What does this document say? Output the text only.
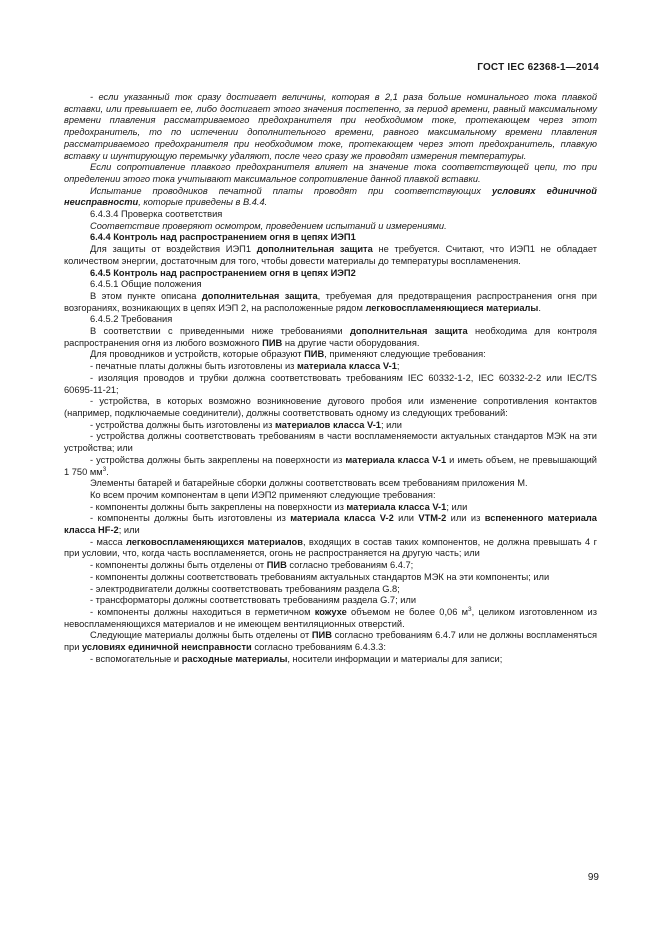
ГОСТ IEC 62368-1—2014

- если указанный ток сразу достигает величины, которая в 2,1 раза больше номинального тока плавкой вставки, или превышает ее, либо достигает этого значения постепенно, за период времени, равный максимальному времени плавления рассматриваемого предохранителя при необходимом токе, протекающем через этот предохранитель, то по истечении дополнительного времени, равного максимальному времени плавления рассматриваемого предохранителя при необходимом токе, протекающем через этот предохранитель, плавкую вставку и шунтирующую перемычку удаляют, после чего сразу же проводят измерения температуры.

Если сопротивление плавкого предохранителя влияет на значение тока соответствующей цепи, то при определении этого тока учитывают максимальное сопротивление данной плавкой вставки.

Испытание проводников печатной платы проводят при соответствующих условиях единичной неисправности, которые приведены в В.4.4.

6.4.3.4 Проверка соответствия

Соответствие проверяют осмотром, проведением испытаний и измерениями.

6.4.4 Контроль над распространением огня в цепях ИЭП1

Для защиты от воздействия ИЭП1 дополнительная защита не требуется. Считают, что ИЭП1 не обладает количеством энергии, достаточным для того, чтобы довести материалы до температуры воспламенения.

6.4.5 Контроль над распространением огня в цепях ИЭП2

6.4.5.1 Общие положения

В этом пункте описана дополнительная защита, требуемая для предотвращения распространения огня при возгораниях, возникающих в цепях ИЭП 2, на расположенные рядом легковоспламеняющиеся материалы.

6.4.5.2 Требования

В соответствии с приведенными ниже требованиями дополнительная защита необходима для контроля распространения огня из любого возможного ПИВ на другие части оборудования.

Для проводников и устройств, которые образуют ПИВ, применяют следующие требования:

- печатные платы должны быть изготовлены из материала класса V-1;

- изоляция проводов и трубки должна соответствовать требованиям IEC 60332-1-2, IEC 60332-2-2 или IEC/TS 60695-11-21;

- устройства, в которых возможно возникновение дугового пробоя или изменение сопротивления контактов (например, подключаемые соединители), должны соответствовать одному из следующих требований:

- устройства должны быть изготовлены из материалов класса V-1; или

- устройства должны соответствовать требованиям в части воспламеняемости актуальных стандартов МЭК на эти устройства; или

- устройства должны быть закреплены на поверхности из материала класса V-1 и иметь объем, не превышающий 1 750 $мм^3$.

Элементы батарей и батарейные сборки должны соответствовать всем требованиям приложения М.

Ко всем прочим компонентам в цепи ИЭП2 применяют следующие требования:

- компоненты должны быть закреплены на поверхности из материала класса V-1; или

- компоненты должны быть изготовлены из материала класса V-2 или VTM-2 или из вспененного материала класса HF-2; или

- масса легковоспламеняющихся материалов, входящих в состав таких компонентов, не должна превышать 4 г при условии, что, когда часть воспламеняется, огонь не распространяется на другую часть; или

- компоненты должны быть отделены от ПИВ согласно требованиям 6.4.7;

- компоненты должны соответствовать требованиям актуальных стандартов МЭК на эти компоненты; или

- электродвигатели должны соответствовать требованиям раздела G.8;

- трансформаторы должны соответствовать требованиям раздела G.7; или

- компоненты должны находиться в герметичном кожухе объемом не более 0,06 $м^3$, целиком изготовленном из невоспламеняющихся материалов и не имеющем вентиляционных отверстий.

Следующие материалы должны быть отделены от ПИВ согласно требованиям 6.4.7 или не должны воспламеняться при условиях единичной неисправности согласно требованиям 6.4.3.3:

- вспомогательные и расходные материалы, носители информации и материалы для записи;

99
